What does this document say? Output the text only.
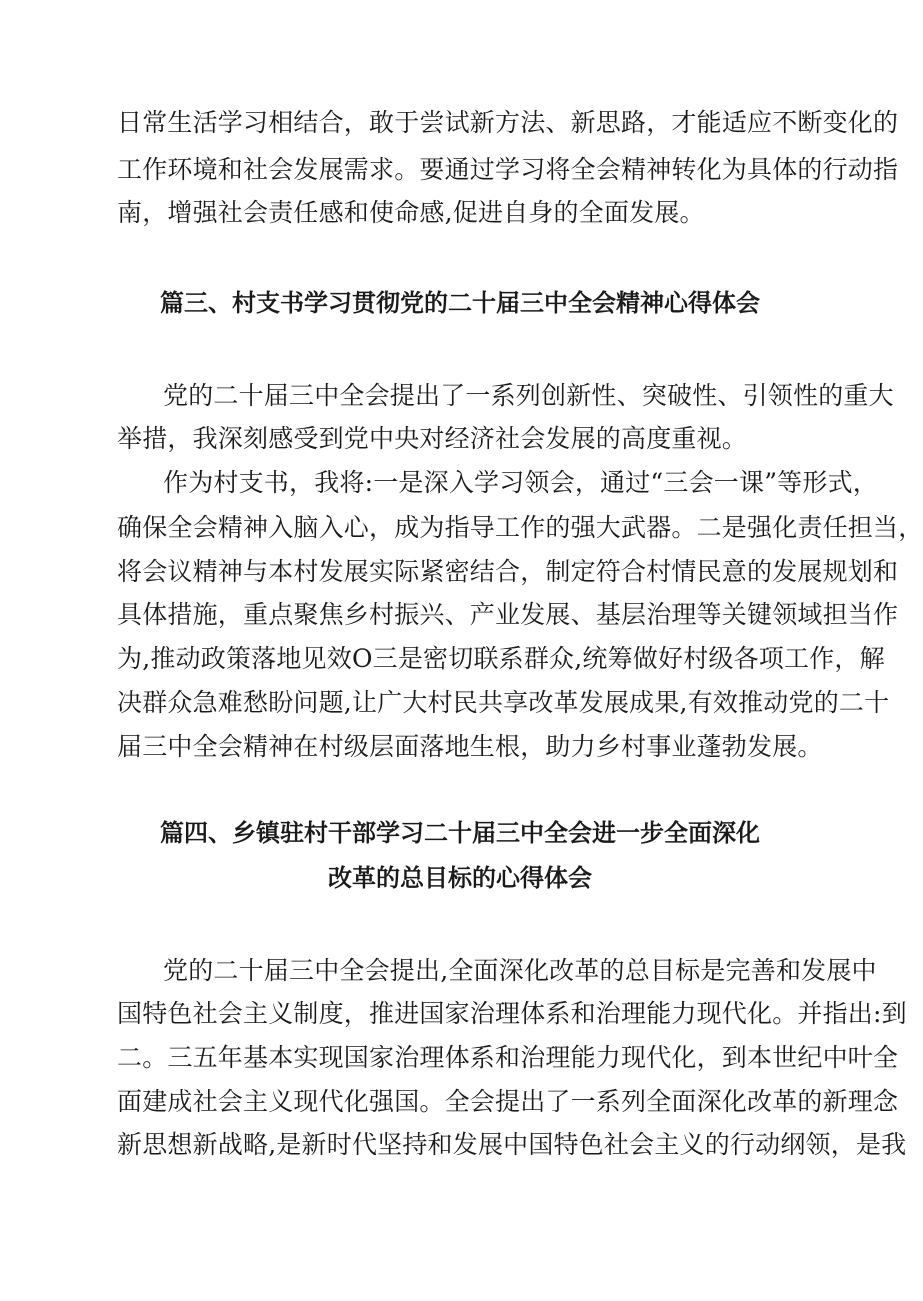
日常生活学习相结合，敢于尝试新方法、新思路，才能适应不断变化的
工作环境和社会发展需求。要通过学习将全会精神转化为具体的行动指
南，增强社会责任感和使命感,促进自身的全面发展。
篇三、村支书学习贯彻党的二十届三中全会精神心得体会
党的二十届三中全会提出了一系列创新性、突破性、引领性的重大
举措，我深刻感受到党中央对经济社会发展的高度重视。
作为村支书，我将:一是深入学习领会，通过“三会一课”等形式，
确保全会精神入脑入心，成为指导工作的强大武器。二是强化责任担当，
将会议精神与本村发展实际紧密结合，制定符合村情民意的发展规划和
具体措施，重点聚焦乡村振兴、产业发展、基层治理等关键领域担当作
为,推动政策落地见效O三是密切联系群众,统筹做好村级各项工作，解
决群众急难愁盼问题,让广大村民共享改革发展成果,有效推动党的二十
届三中全会精神在村级层面落地生根，助力乡村事业蓬勃发展。
篇四、乡镇驻村干部学习二十届三中全会进一步全面深化
改革的总目标的心得体会
党的二十届三中全会提出,全面深化改革的总目标是完善和发展中
国特色社会主义制度，推进国家治理体系和治理能力现代化。并指出:到
二。三五年基本实现国家治理体系和治理能力现代化，到本世纪中叶全
面建成社会主义现代化强国。全会提出了一系列全面深化改革的新理念
新思想新战略,是新时代坚持和发展中国特色社会主义的行动纲领，是我
